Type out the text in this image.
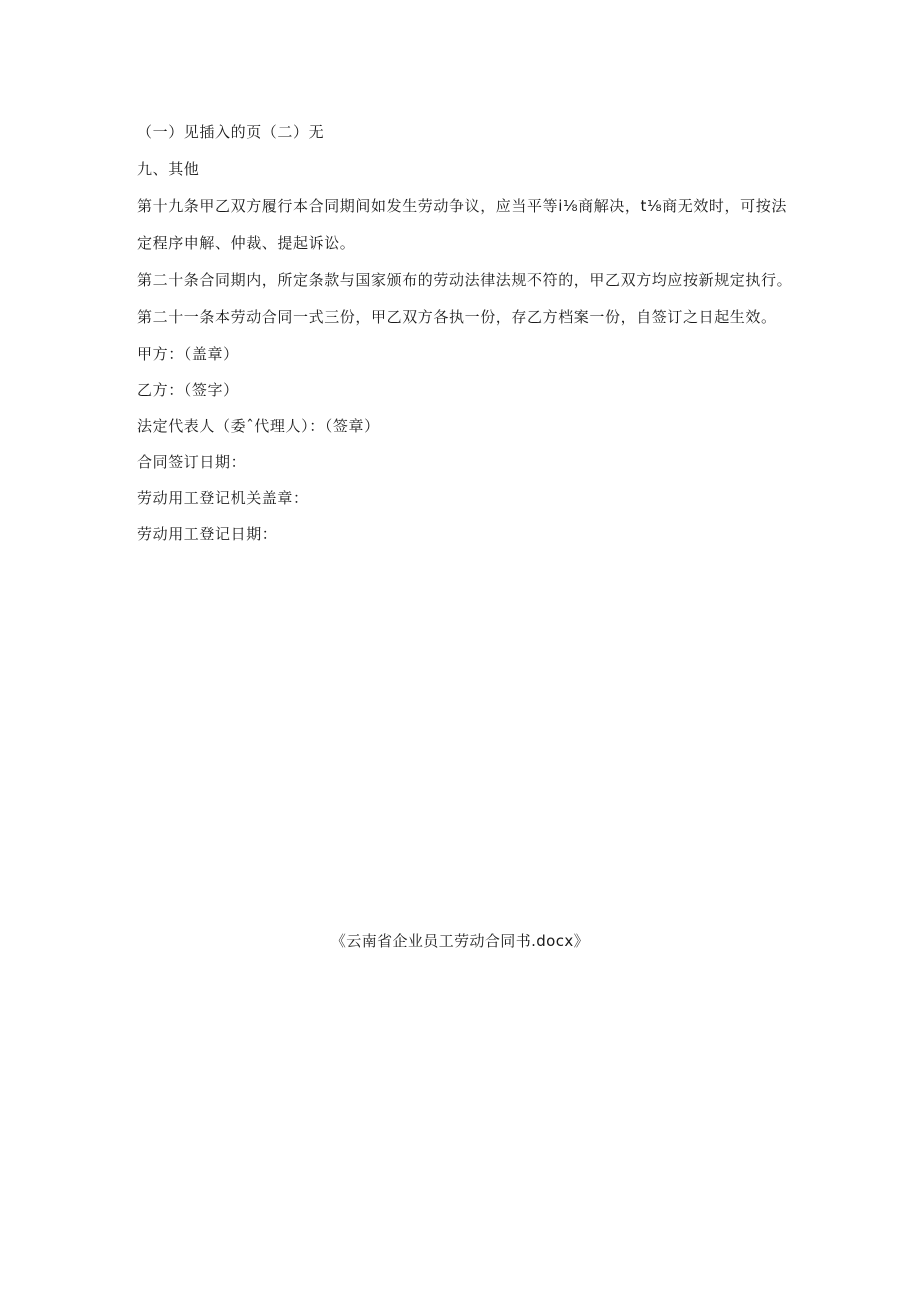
（一）见插入的页（二）无

九、其他

第十九条甲乙双方履行本合同期间如发生劳动争议，应当平等i⅛商解决，t⅛商无效时，可按法定程序申解、仲裁、提起诉讼。

第二十条合同期内，所定条款与国家颁布的劳动法律法规不符的，甲乙双方均应按新规定执行。

第二十一条本劳动合同一式三份，甲乙双方各执一份，存乙方档案一份，自签订之日起生效。

甲方：（盖章）

乙方：（签字）

法定代表人（委ˆ代理人）：（签章）

合同签订日期：

劳动用工登记机关盖章：

劳动用工登记日期：

《云南省企业员工劳动合同书.docx》
